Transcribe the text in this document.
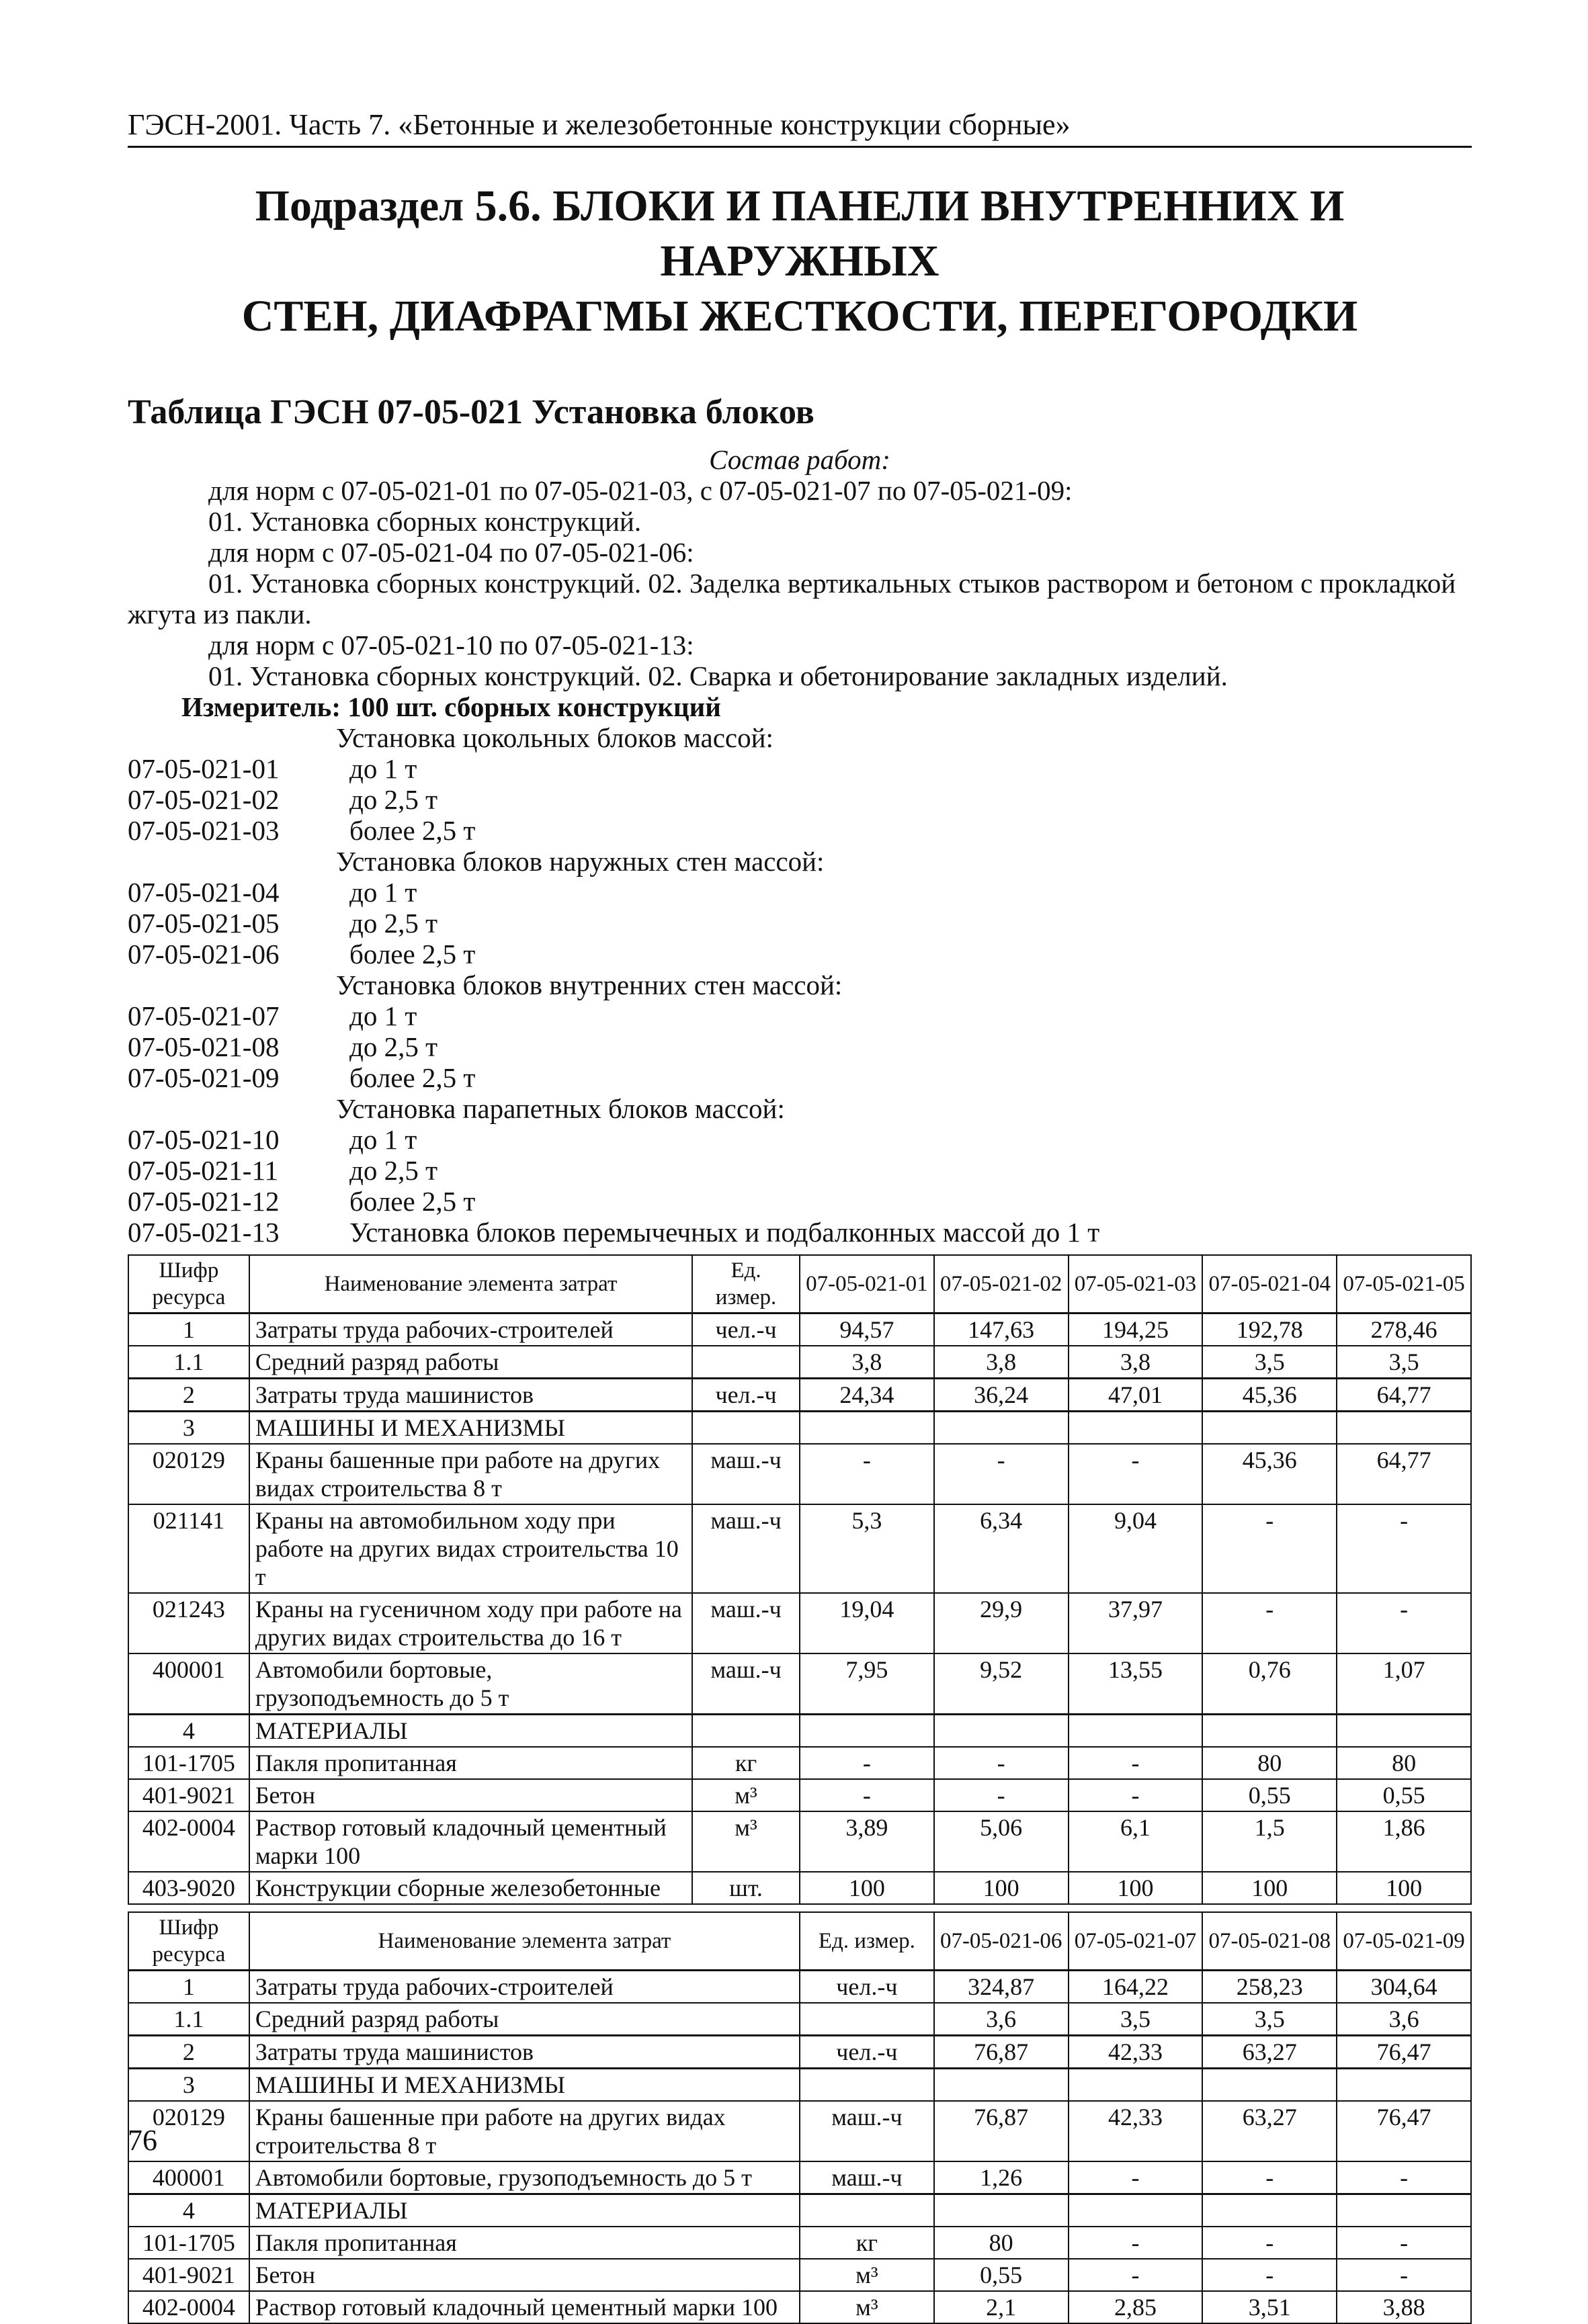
ГЭСН-2001. Часть 7. «Бетонные и железобетонные конструкции сборные»
Подраздел 5.6. БЛОКИ И ПАНЕЛИ ВНУТРЕННИХ И НАРУЖНЫХ
СТЕН, ДИАФРАГМЫ ЖЕСТКОСТИ, ПЕРЕГОРОДКИ
Таблица ГЭСН 07-05-021 Установка блоков
Состав работ:
для норм с 07-05-021-01 по 07-05-021-03, с 07-05-021-07 по 07-05-021-09:
01. Установка сборных конструкций.
для норм с 07-05-021-04 по 07-05-021-06:
01. Установка сборных конструкций. 02. Заделка вертикальных стыков раствором и бетоном с прокладкой
жгута из пакли.
для норм с 07-05-021-10 по 07-05-021-13:
01. Установка сборных конструкций. 02. Сварка и обетонирование закладных изделий.
Измеритель: 100 шт. сборных конструкций
Установка цокольных блоков массой:
07-05-021-01	до 1 т
07-05-021-02	до 2,5 т
07-05-021-03	более 2,5 т
Установка блоков наружных стен массой:
07-05-021-04	до 1 т
07-05-021-05	до 2,5 т
07-05-021-06	более 2,5 т
Установка блоков внутренних стен массой:
07-05-021-07	до 1 т
07-05-021-08	до 2,5 т
07-05-021-09	более 2,5 т
Установка парапетных блоков массой:
07-05-021-10	до 1 т
07-05-021-11	до 2,5 т
07-05-021-12	более 2,5 т
07-05-021-13	Установка блоков перемычечных и подбалконных массой до 1 т
Шифр ресурса	Наименование элемента затрат	Ед. измер.	07-05-021-01	07-05-021-02	07-05-021-03	07-05-021-04	07-05-021-05
1	Затраты труда рабочих-строителей	чел.-ч	94,57	147,63	194,25	192,78	278,46
1.1	Средний разряд работы		3,8	3,8	3,8	3,5	3,5
2	Затраты труда машинистов	чел.-ч	24,34	36,24	47,01	45,36	64,77
3	МАШИНЫ И МЕХАНИЗМЫ						
020129	Краны башенные при работе на других видах строительства 8 т	маш.-ч	-	-	-	45,36	64,77
021141	Краны на автомобильном ходу при работе на других видах строительства 10 т	маш.-ч	5,3	6,34	9,04	-	-
021243	Краны на гусеничном ходу при работе на других видах строительства до 16 т	маш.-ч	19,04	29,9	37,97	-	-
400001	Автомобили бортовые, грузоподъемность до 5 т	маш.-ч	7,95	9,52	13,55	0,76	1,07
4	МАТЕРИАЛЫ						
101-1705	Пакля пропитанная	кг	-	-	-	80	80
401-9021	Бетон	м³	-	-	-	0,55	0,55
402-0004	Раствор готовый кладочный цементный марки 100	м³	3,89	5,06	6,1	1,5	1,86
403-9020	Конструкции сборные железобетонные	шт.	100	100	100	100	100
Шифр ресурса	Наименование элемента затрат	Ед. измер.	07-05-021-06	07-05-021-07	07-05-021-08	07-05-021-09
1	Затраты труда рабочих-строителей	чел.-ч	324,87	164,22	258,23	304,64
1.1	Средний разряд работы		3,6	3,5	3,5	3,6
2	Затраты труда машинистов	чел.-ч	76,87	42,33	63,27	76,47
3	МАШИНЫ И МЕХАНИЗМЫ					
020129	Краны башенные при работе на других видах строительства 8 т	маш.-ч	76,87	42,33	63,27	76,47
400001	Автомобили бортовые, грузоподъемность до 5 т	маш.-ч	1,26	-	-	-
4	МАТЕРИАЛЫ					
101-1705	Пакля пропитанная	кг	80	-	-	-
401-9021	Бетон	м³	0,55	-	-	-
402-0004	Раствор готовый кладочный цементный марки 100	м³	2,1	2,85	3,51	3,88
76
